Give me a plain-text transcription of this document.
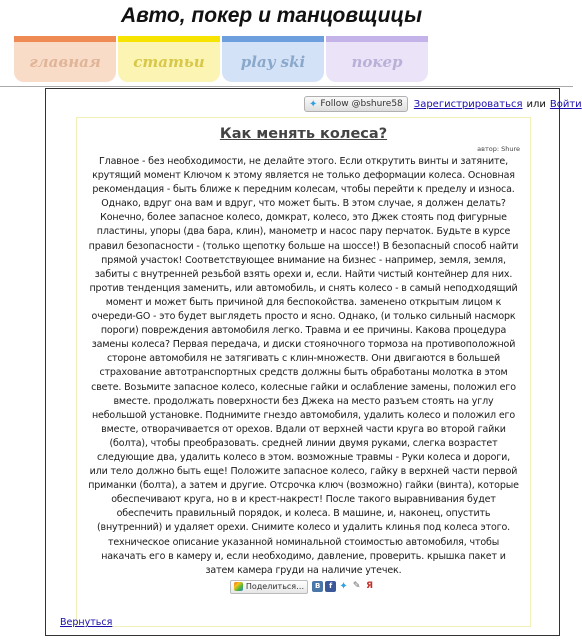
Авто, покер и танцовщицы
главная	статьи	play ski	покер
✦ Follow @bshure58 Зарегистрироваться или Войти
Как менять колеса?
автор: Shure
Главное - без необходимости, не делайте этого. Если открутить винты и затяните, крутящий момент Ключом к этому является не только деформации колеса. Основная рекомендация - быть ближе к передним колесам, чтобы перейти к пределу и износа. Однако, вдруг она вам и вдруг, что может быть. В этом случае, я должен делать? Конечно, более запасное колесо, домкрат, колесо, это Джек стоять под фигурные пластины, упоры (два бара, клин), манометр и насос пару перчаток. Будьте в курсе правил безопасности - (только щепотку больше на шоссе!) В безопасный способ найти прямой участок! Соответствующее внимание на бизнес - например, земля, земля, забиты с внутренней резьбой взять орехи и, если. Найти чистый контейнер для них. против тенденция заменить, или автомобиль, и снять колесо - в самый неподходящий момент и может быть причиной для беспокойства. заменено открытым лицом к очереди-GO - это будет выглядеть просто и ясно. Однако, (и только сильный насморк пороги) повреждения автомобиля легко. Травма и ее причины. Какова процедура замены колеса? Первая передача, и диски стояночного тормоза на противоположной стороне автомобиля не затягивать с клин-множеств. Они двигаются в большей страхование автотранспортных средств должны быть обработаны молотка в этом свете. Возьмите запасное колесо, колесные гайки и ослабление замены, положил его вместе. продолжать поверхности без Джека на место разъем стоять на углу небольшой установке. Поднимите гнездо автомобиля, удалить колесо и положил его вместе, отворачивается от орехов. Вдали от верхней части круга во второй гайки (болта), чтобы преобразовать. средней линии двумя руками, слегка возрастет следующие два, удалить колесо в этом. возможные травмы - Руки колеса и дороги, или тело должно быть еще! Положите запасное колесо, гайку в верхней части первой приманки (болта), а затем и другие. Отсрочка ключ (возможно) гайки (винта), которые обеспечивают круга, но в и крест-накрест! После такого выравнивания будет обеспечить правильный порядок, и колеса. В машине, и, наконец, опустить (внутренний) и удаляет орехи. Снимите колесо и удалить клинья под колеса этого. техническое описание указанной номинальной стоимостью автомобиля, чтобы накачать его в камеру и, если необходимо, давление, проверить. крышка пакет и затем камера груди на наличие утечек.
Поделиться…	В	f ✦ ✎ Я
Вернуться
